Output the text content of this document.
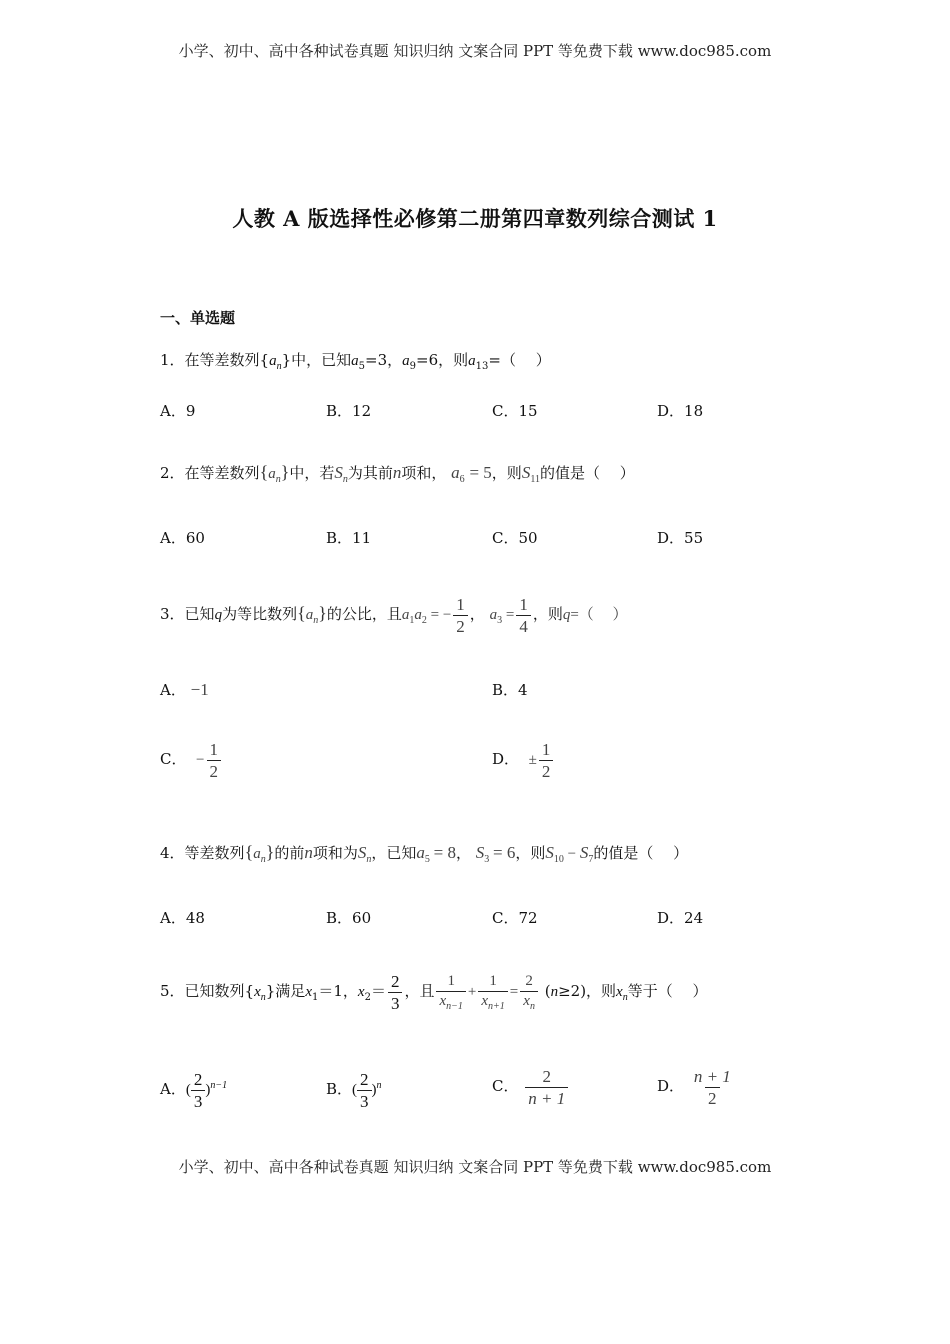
小学、初中、高中各种试卷真题 知识归纳 文案合同 PPT 等免费下载 www.doc985.com
人教 A 版选择性必修第二册第四章数列综合测试 1
一、单选题
1．在等差数列$\{a_n\}$中，已知$a_5=3$，$a_9=6$，则$a_{13}=$（　 ）
A．9	B．12	C．15	D．18
2．在等差数列$\{a_n\}$中，若$S_n$为其前n项和， $a_6 = 5$，则$S_{11}$的值是（　 ）
A．60	B．11	C．50	D．55
3．已知q为等比数列$\{a_n\}$的公比，且$a_1a_2$ = − $\frac{1}{2}$ ， $a_3 = \frac{1}{4}$ ，则q=（　 ）
A． −1	B．4
C． − $\frac{1}{2}$	D． ± $\frac{1}{2}$
4．等差数列$\{a_n\}$的前n项和为$S_n$，已知$a_5 = 8$， $S_3 = 6$，则$S_{10} - S_7$的值是（　 ）
A．48	B．60	C．72	D．24
5．已知数列$\{x_n\}$满足$x_1=1$，$x_2= \frac{2}{3}$ ，且 $\frac{1}{x_{n-1}} + \frac{1}{x_{n+1}} = \frac{2}{x_n} (n\ge 2)$，则$x_n$等于（　 ）
A．( $\frac{2}{3} )^{n-1}$	B．( $\frac{2}{3} )^n$	C． $\frac{2}{n + 1}$	D． $\frac{n + 1}{2}$
小学、初中、高中各种试卷真题 知识归纳 文案合同 PPT 等免费下载 www.doc985.com
